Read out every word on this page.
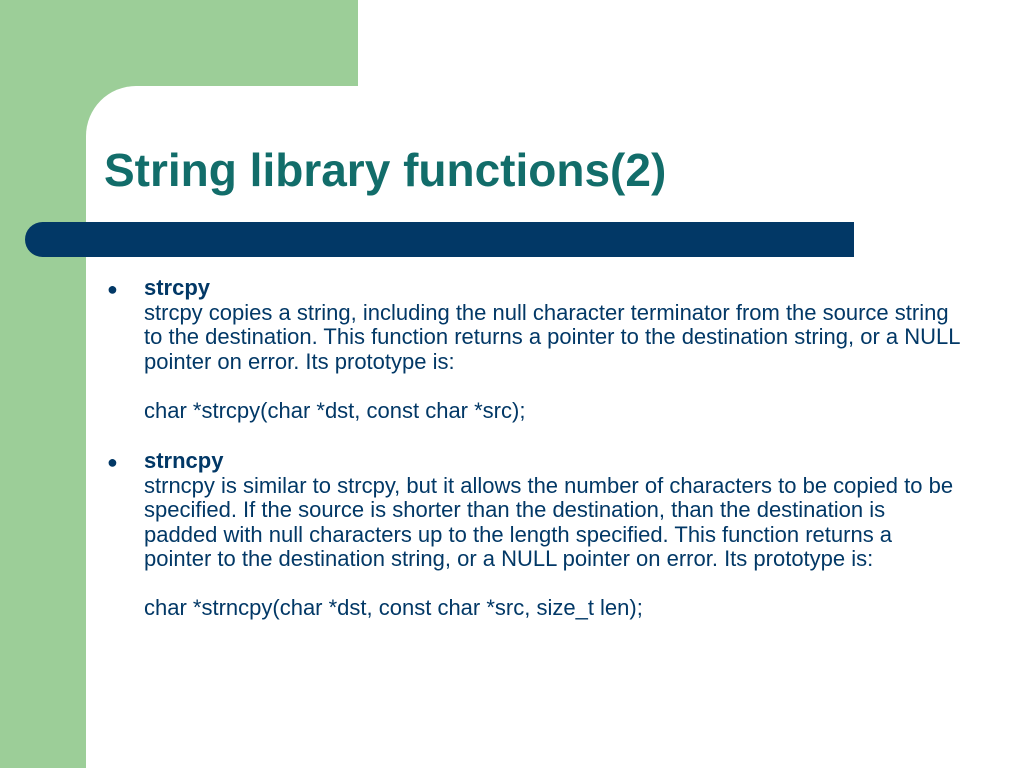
String library functions(2)
● strcpy
strcpy copies a string, including the null character terminator from the source string to the destination. This function returns a pointer to the destination string, or a NULL pointer on error. Its prototype is:
char *strcpy(char *dst, const char *src);
● strncpy
strncpy is similar to strcpy, but it allows the number of characters to be copied to be specified. If the source is shorter than the destination, than the destination is padded with null characters up to the length specified. This function returns a pointer to the destination string, or a NULL pointer on error. Its prototype is:
char *strncpy(char *dst, const char *src, size_t len);
